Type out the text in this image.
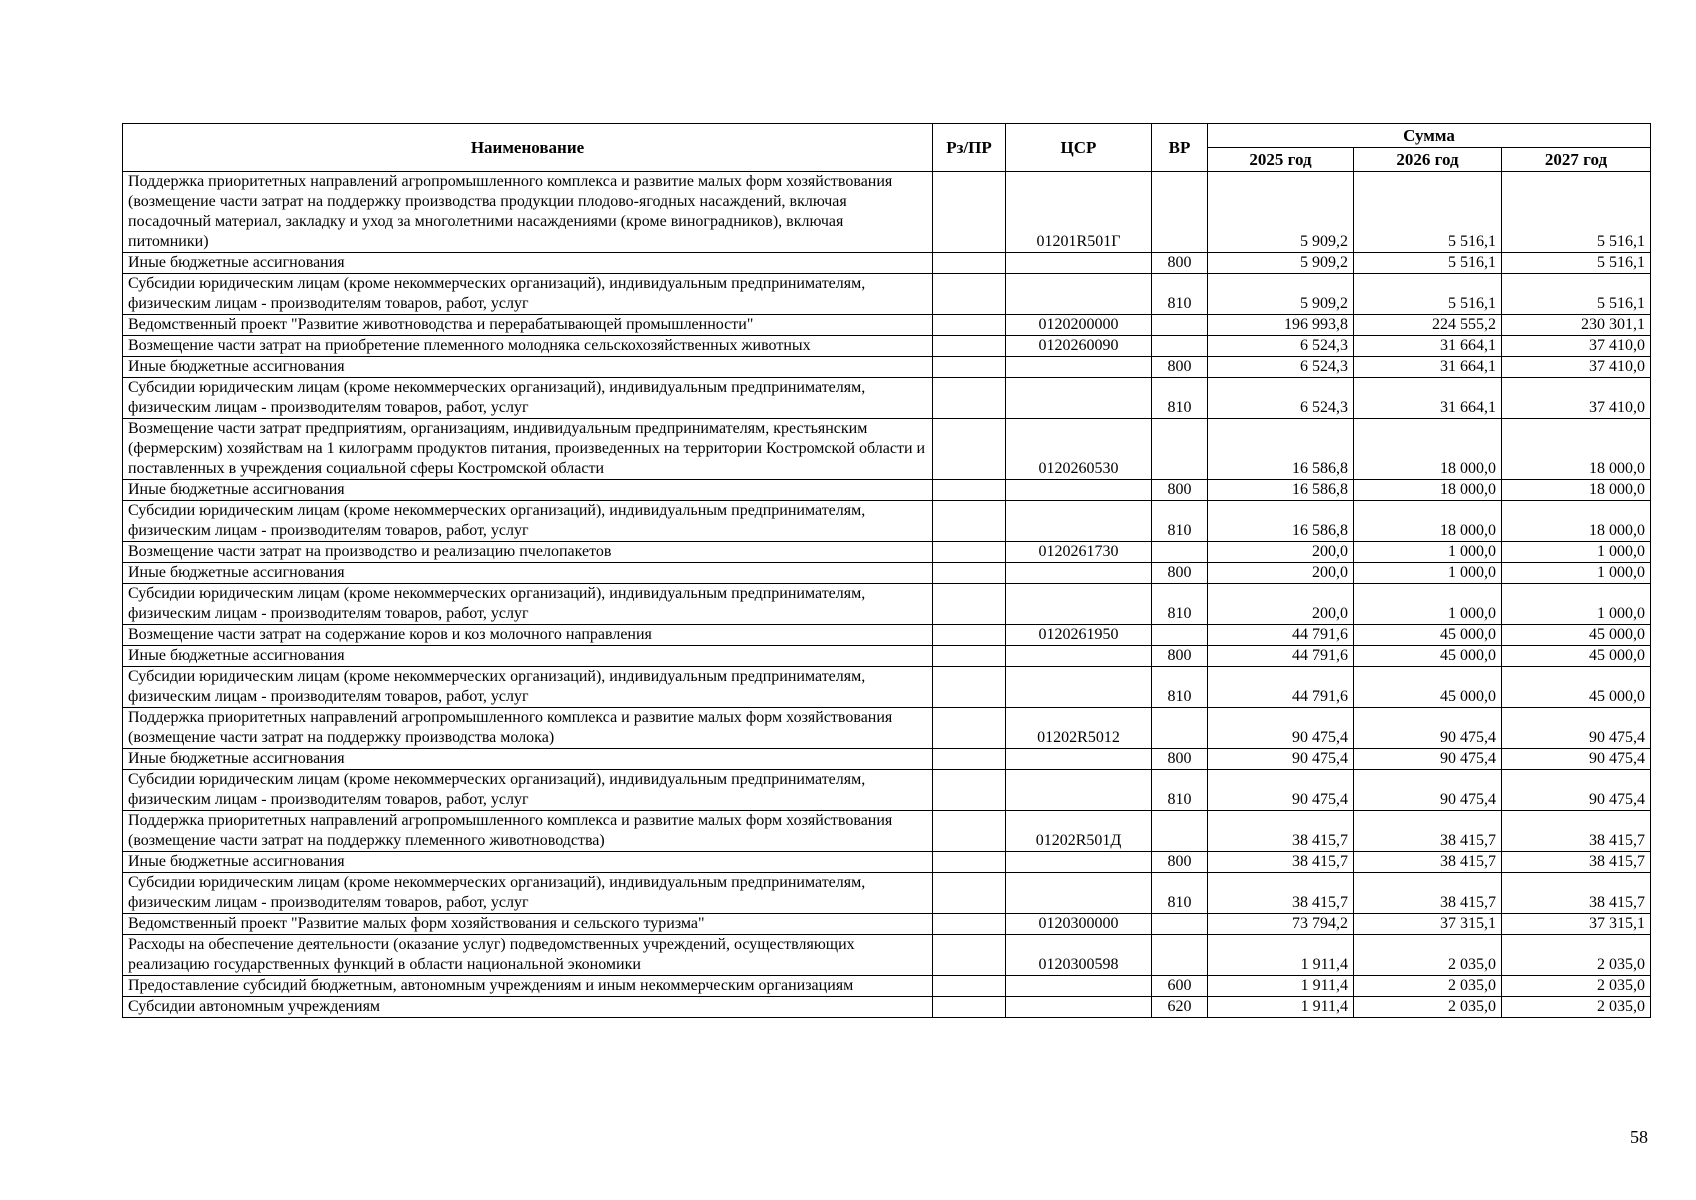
Наименование	Рз/ПР	ЦСР	ВР	Сумма		
				2025 год	2026 год	2027 год
Поддержка приоритетных направлений агропромышленного комплекса и развитие малых форм хозяйствования (возмещение части затрат на поддержку производства продукции плодово-ягодных насаждений, включая посадочный материал, закладку и уход за многолетними насаждениями (кроме виноградников), включая питомники)		01201R501Г		5 909,2	5 516,1	5 516,1
Иные бюджетные ассигнования			800	5 909,2	5 516,1	5 516,1
Субсидии юридическим лицам (кроме некоммерческих организаций), индивидуальным предпринимателям, физическим лицам - производителям товаров, работ, услуг			810	5 909,2	5 516,1	5 516,1
Ведомственный проект "Развитие животноводства и перерабатывающей промышленности"		0120200000		196 993,8	224 555,2	230 301,1
Возмещение части затрат на приобретение племенного молодняка сельскохозяйственных животных		0120260090		6 524,3	31 664,1	37 410,0
Иные бюджетные ассигнования			800	6 524,3	31 664,1	37 410,0
Субсидии юридическим лицам (кроме некоммерческих организаций), индивидуальным предпринимателям, физическим лицам - производителям товаров, работ, услуг			810	6 524,3	31 664,1	37 410,0
Возмещение части затрат предприятиям, организациям, индивидуальным предпринимателям, крестьянским (фермерским) хозяйствам на 1 килограмм продуктов питания, произведенных на территории Костромской области и поставленных в учреждения социальной сферы Костромской области		0120260530		16 586,8	18 000,0	18 000,0
Иные бюджетные ассигнования			800	16 586,8	18 000,0	18 000,0
Субсидии юридическим лицам (кроме некоммерческих организаций), индивидуальным предпринимателям, физическим лицам - производителям товаров, работ, услуг			810	16 586,8	18 000,0	18 000,0
Возмещение части затрат на производство и реализацию пчелопакетов		0120261730		200,0	1 000,0	1 000,0
Иные бюджетные ассигнования			800	200,0	1 000,0	1 000,0
Субсидии юридическим лицам (кроме некоммерческих организаций), индивидуальным предпринимателям, физическим лицам - производителям товаров, работ, услуг			810	200,0	1 000,0	1 000,0
Возмещение части затрат на содержание коров и коз молочного направления		0120261950		44 791,6	45 000,0	45 000,0
Иные бюджетные ассигнования			800	44 791,6	45 000,0	45 000,0
Субсидии юридическим лицам (кроме некоммерческих организаций), индивидуальным предпринимателям, физическим лицам - производителям товаров, работ, услуг			810	44 791,6	45 000,0	45 000,0
Поддержка приоритетных направлений агропромышленного комплекса и развитие малых форм хозяйствования (возмещение части затрат на поддержку производства молока)		01202R5012		90 475,4	90 475,4	90 475,4
Иные бюджетные ассигнования			800	90 475,4	90 475,4	90 475,4
Субсидии юридическим лицам (кроме некоммерческих организаций), индивидуальным предпринимателям, физическим лицам - производителям товаров, работ, услуг			810	90 475,4	90 475,4	90 475,4
Поддержка приоритетных направлений агропромышленного комплекса и развитие малых форм хозяйствования (возмещение части затрат на поддержку племенного животноводства)		01202R501Д		38 415,7	38 415,7	38 415,7
Иные бюджетные ассигнования			800	38 415,7	38 415,7	38 415,7
Субсидии юридическим лицам (кроме некоммерческих организаций), индивидуальным предпринимателям, физическим лицам - производителям товаров, работ, услуг			810	38 415,7	38 415,7	38 415,7
Ведомственный проект "Развитие малых форм хозяйствования и сельского туризма"		0120300000		73 794,2	37 315,1	37 315,1
Расходы на обеспечение деятельности (оказание услуг) подведомственных учреждений, осуществляющих реализацию государственных функций в области национальной экономики		0120300598		1 911,4	2 035,0	2 035,0
Предоставление субсидий бюджетным, автономным учреждениям и иным некоммерческим организациям			600	1 911,4	2 035,0	2 035,0
Субсидии автономным учреждениям			620	1 911,4	2 035,0	2 035,0
58
